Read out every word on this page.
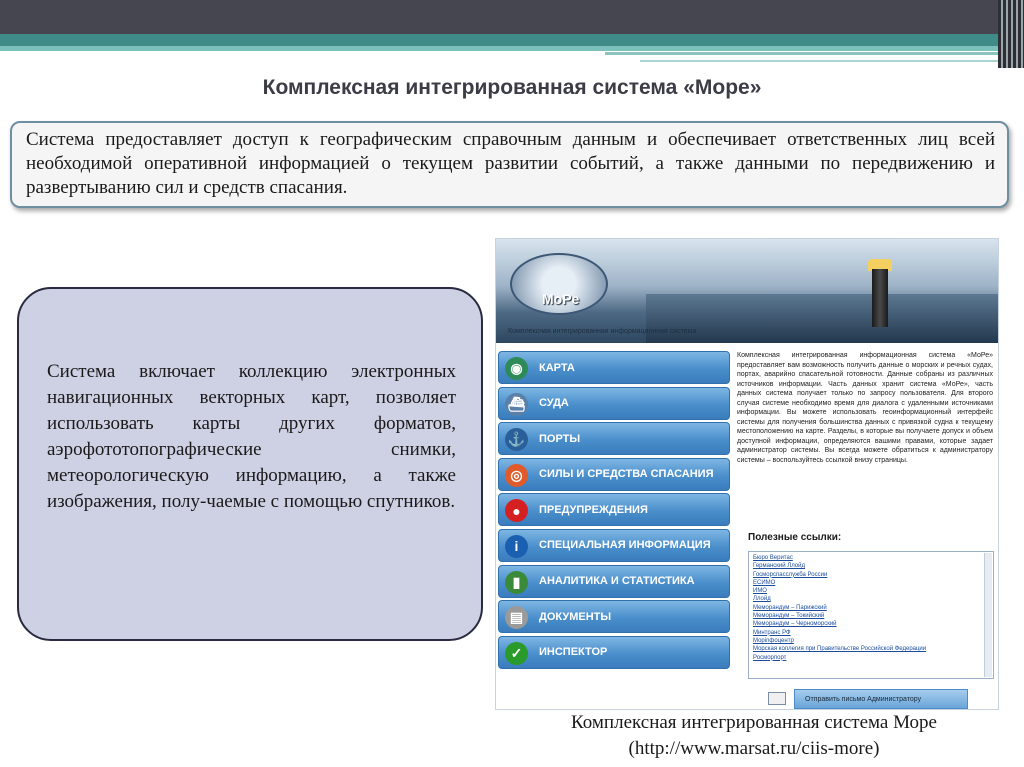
Комплексная интегрированная система «Море»
Система предоставляет доступ к географическим справочным данным и обеспечивает ответственных лиц всей необходимой оперативной информацией о текущем развитии событий, а также данными по передвижению и развертыванию сил и средств спасания.
Система включает коллекцию электронных навигационных векторных карт, позволяет использовать карты других форматов, аэрофототопографические снимки, метеорологическую информацию, а также изображения, полу-чаемые с помощью спутников.
MoPe
Комплексная интегрированная информационная система
◉	КАРТА
⛴ СУДА
⚓ ПОРТЫ
◎	СИЛЫ И СРЕДСТВА СПАСАНИЯ
●	ПРЕДУПРЕЖДЕНИЯ
i	СПЕЦИАЛЬНАЯ ИНФОРМАЦИЯ
▮	АНАЛИТИКА И СТАТИСТИКА
▤	ДОКУМЕНТЫ
✓	ИНСПЕКТОР
Комплексная интегрированная информационная система «МоРе» предоставляет вам возможность получить данные о морских и речных судах, портах, аварийно спасательной готовности. Данные собраны из различных источников информации. Часть данных хранит система «МоРе», часть данных система получает только по запросу пользователя. Для второго случая системе необходимо время для диалога с удаленными источниками информации. Вы можете использовать геоинформационный интерфейс системы для получения большинства данных с привязкой судна к текущему местоположению на карте. Разделы, в которые вы получаете допуск и объем доступной информации, определяются вашими правами, которые задает администратор системы. Вы всегда можете обратиться к администратору системы – воспользуйтесь ссылкой внизу страницы.
Полезные ссылки:
Бюро Веритас
Германский Ллойд
Госморспасслужба России
ЕСИМО
ИМО
Ллойд
Меморандум – Парижский
Меморандум – Токийский
Меморандум – Черноморский
Минтранс РФ
Морinфоцентр
Морская коллегия при Правительстве Российской Федерации
Росморпорт
Отправить письмо Администратору
Комплексная интегрированная система Море
(http://www.marsat.ru/ciis-more)
